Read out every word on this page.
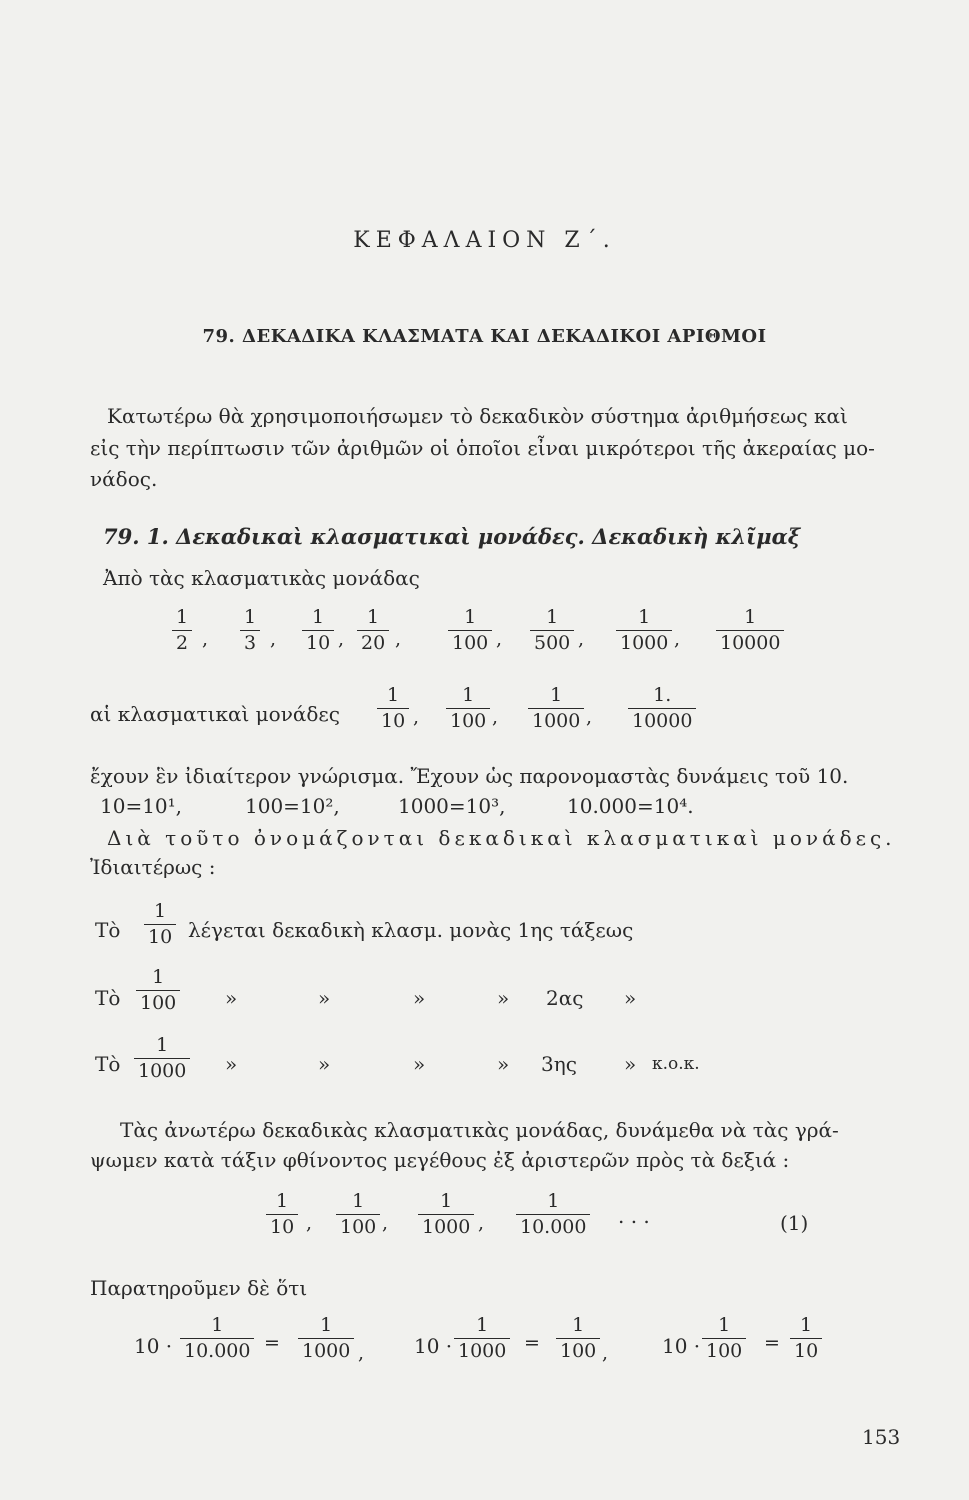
ΚΕΦΑΛΑΙΟΝ Ζ΄.
79. ΔΕΚΑΔΙΚΑ ΚΛΑΣΜΑΤΑ ΚΑΙ ΔΕΚΑΔΙΚΟΙ ΑΡΙΘΜΟΙ
Κατωτέρω θὰ χρησιμοποιήσωμεν τὸ δεκαδικὸν σύστημα ἀριθμήσεως καὶ
εἰς τὴν περίπτωσιν τῶν ἀριθμῶν οἱ ὁποῖοι εἶναι μικρότεροι τῆς ἀκεραίας μο-
νάδος.
79. 1. Δεκαδικαὶ κλασματικαὶ μονάδες. Δεκαδικὴ κλῖμαξ
Ἀπὸ τὰς κλασματικὰς μονάδας
$\frac{1}{2}$ , $\frac{1}{3}$ , $\frac{1}{10}$ , $\frac{1}{20}$ , $\frac{1}{100}$ , $\frac{1}{500}$ , $\frac{1}{1000}$ , $\frac{1}{10000}$
αἱ κλασματικαὶ μονάδες $\frac{1}{10}$ , $\frac{1}{100}$ , $\frac{1}{1000}$ , $\frac{1.}{10000}$
ἔχουν ἓν ἰδιαίτερον γνώρισμα. Ἔχουν ὡς παρονομαστὰς δυνάμεις τοῦ 10.
10=10¹,	100=10²,	1000=10³,	10.000=10⁴.
Διὰ τοῦτο ὀνομάζονται δεκαδικαὶ κλασματικαὶ μονάδες.
Ἰδιαιτέρως :
Τὸ $\frac{1}{10}$ λέγεται δεκαδικὴ κλασμ. μονὰς 1ης τάξεως
Τὸ $\frac{1}{100}$ »	»	»	» 2ας »
Τὸ $\frac{1}{1000}$ »	»	»	» 3ης » κ.ο.κ.
Τὰς ἀνωτέρω δεκαδικὰς κλασματικὰς μονάδας, δυνάμεθα νὰ τὰς γρά-
ψωμεν κατὰ τάξιν φθίνοντος μεγέθους ἐξ ἀριστερῶν πρὸς τὰ δεξιά :
$\frac{1}{10}$ , $\frac{1}{100}$ , $\frac{1}{1000}$ , $\frac{1}{10.000}$ . . .	(1)
Παρατηροῦμεν δὲ ὅτι
$10 \cdot \frac{1}{10.000} = \frac{1}{1000}$ , $10 \cdot \frac{1}{1000} = \frac{1}{100}$ ,	$10 \cdot \frac{1}{100} = \frac{1}{10}$
153
